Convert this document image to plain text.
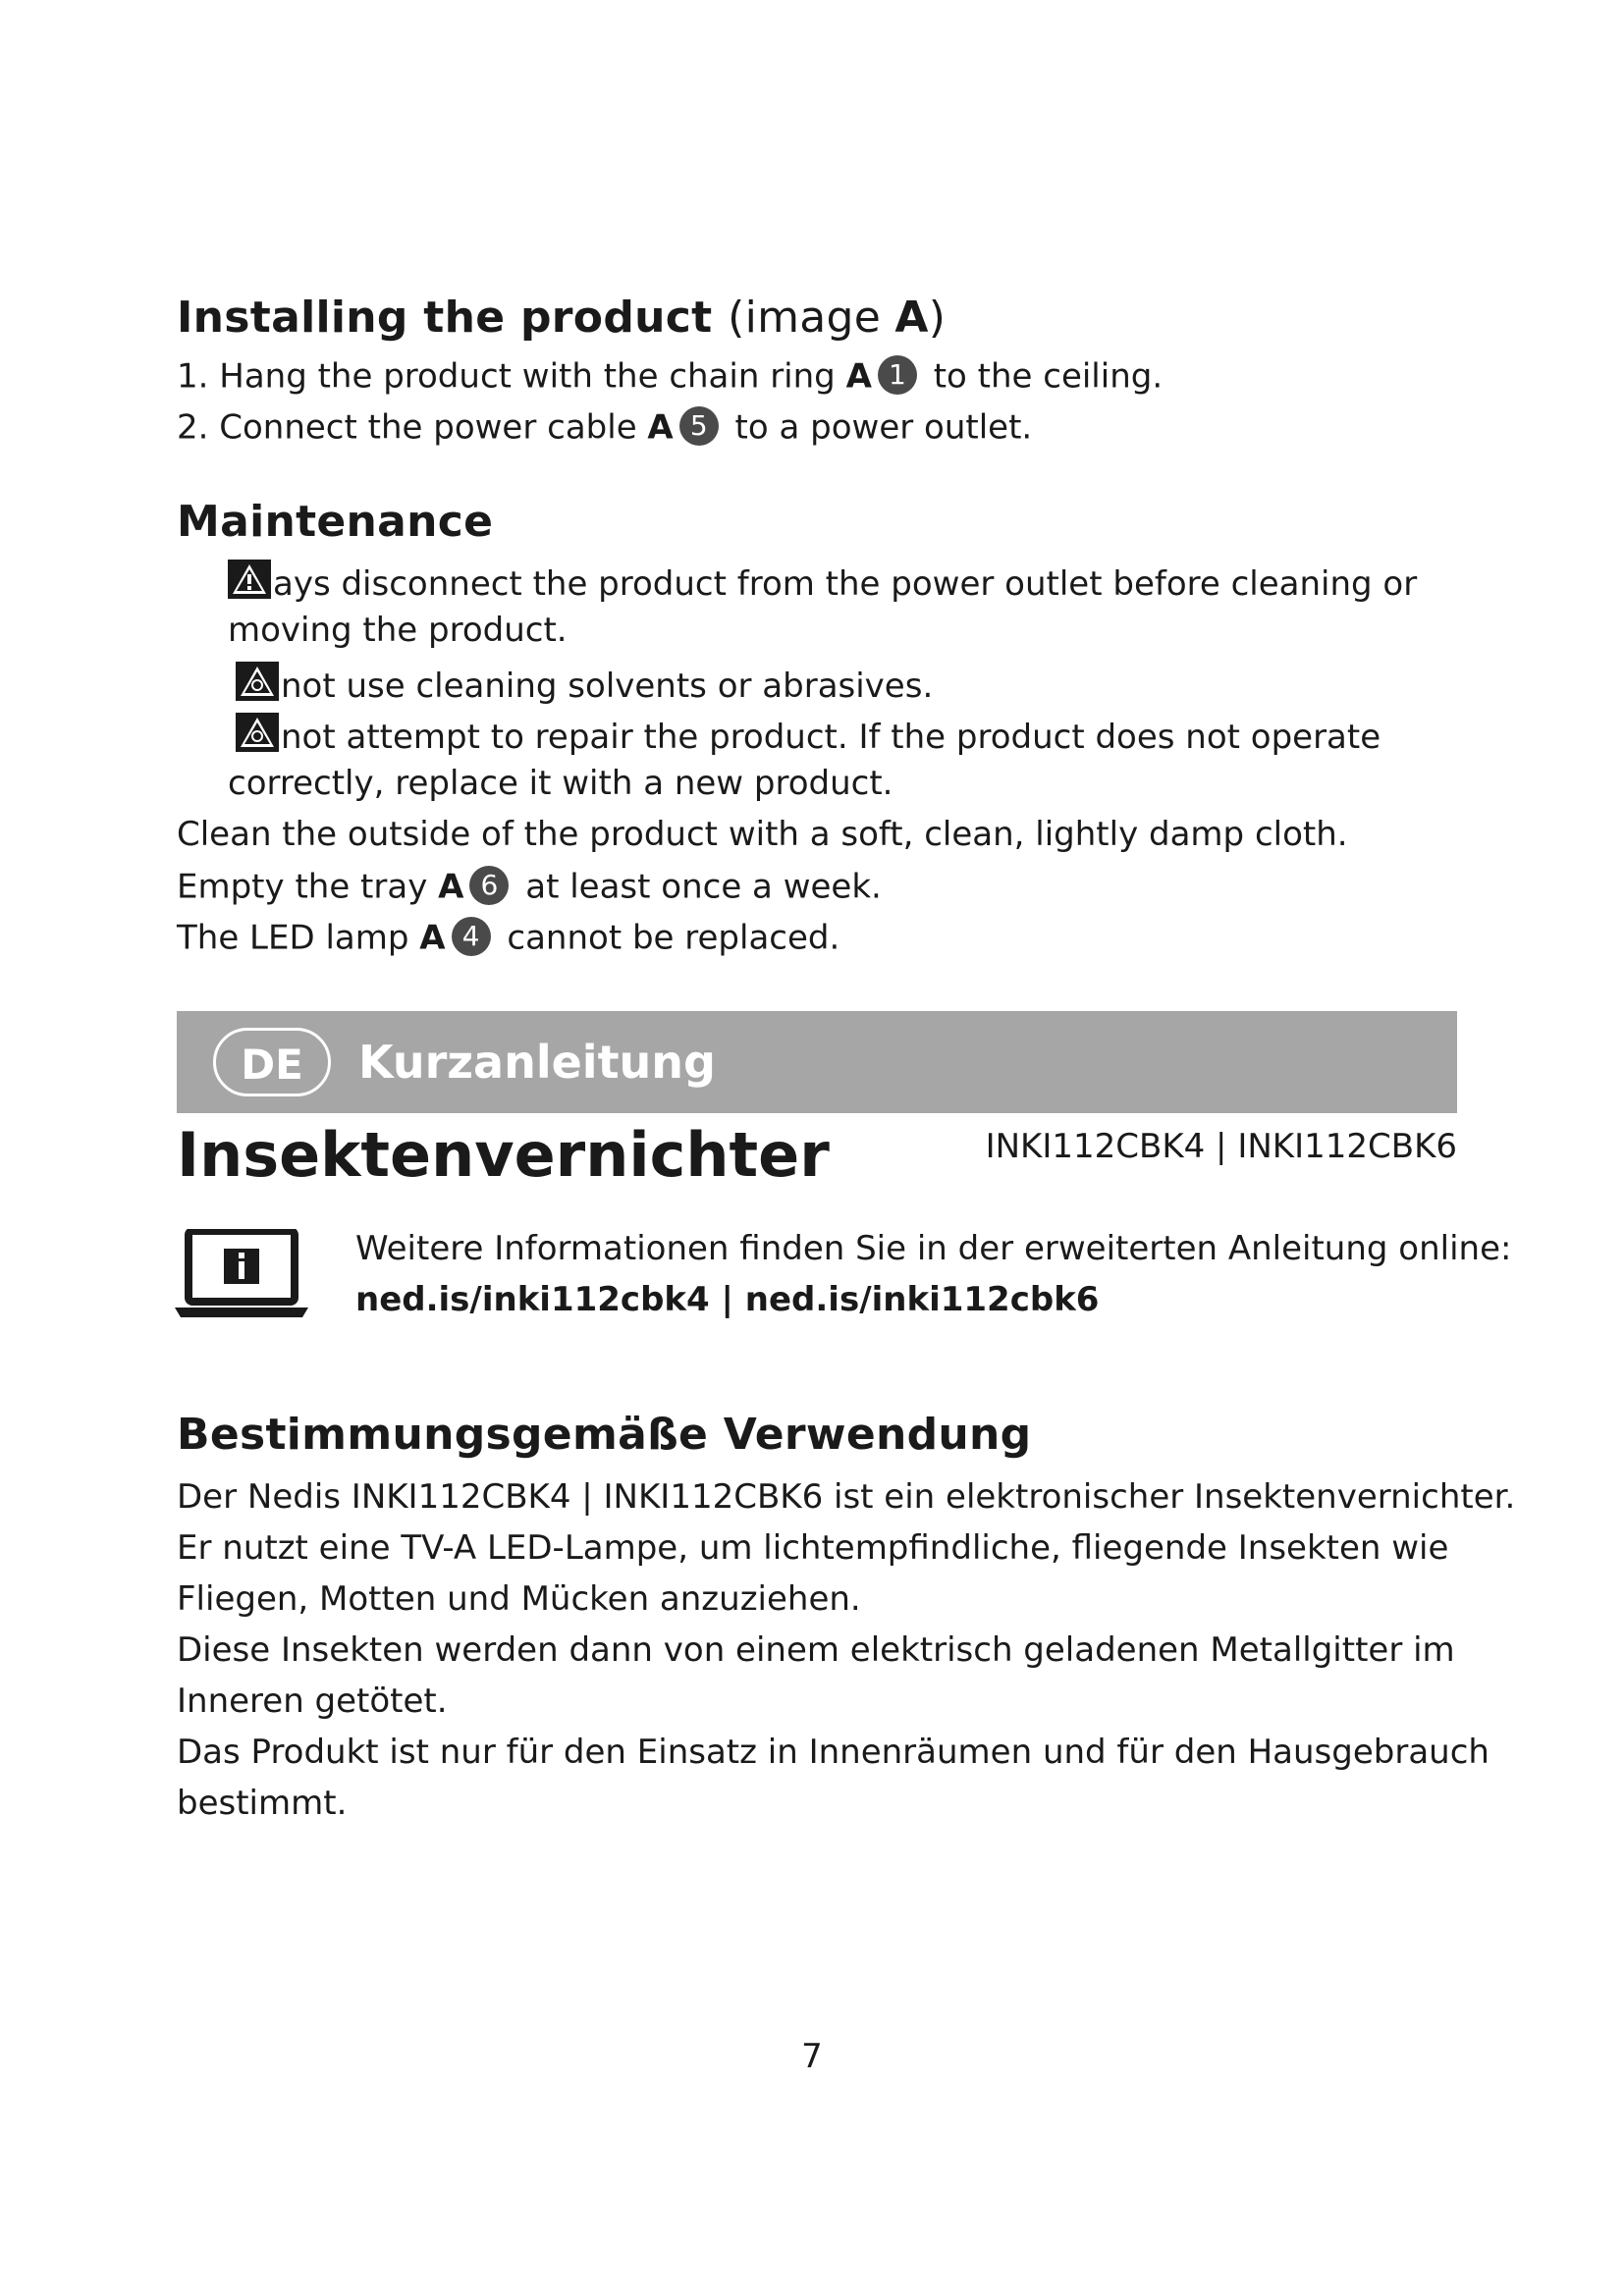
Installing the product (image A)
1. Hang the product with the chain ring A 1 to the ceiling.
2. Connect the power cable A 5 to a power outlet.
Maintenance
ays disconnect the product from the power outlet before cleaning or
moving the product.
not use cleaning solvents or abrasives.
not attempt to repair the product. If the product does not operate
correctly, replace it with a new product.
Clean the outside of the product with a soft, clean, lightly damp cloth.
Empty the tray A 6 at least once a week.
The LED lamp A 4 cannot be replaced.
DE	Kurzanleitung
Insektenvernichter	INKI112CBK4 | INKI112CBK6
Weitere Informationen finden Sie in der erweiterten Anleitung online:
ned.is/inki112cbk4 | ned.is/inki112cbk6
Bestimmungsgemäße Verwendung
Der Nedis INKI112CBK4 | INKI112CBK6 ist ein elektronischer Insektenvernichter.
Er nutzt eine TV-A LED-Lampe, um lichtempfindliche, fliegende Insekten wie
Fliegen, Motten und Mücken anzuziehen.
Diese Insekten werden dann von einem elektrisch geladenen Metallgitter im
Inneren getötet.
Das Produkt ist nur für den Einsatz in Innenräumen und für den Hausgebrauch
bestimmt.
7
